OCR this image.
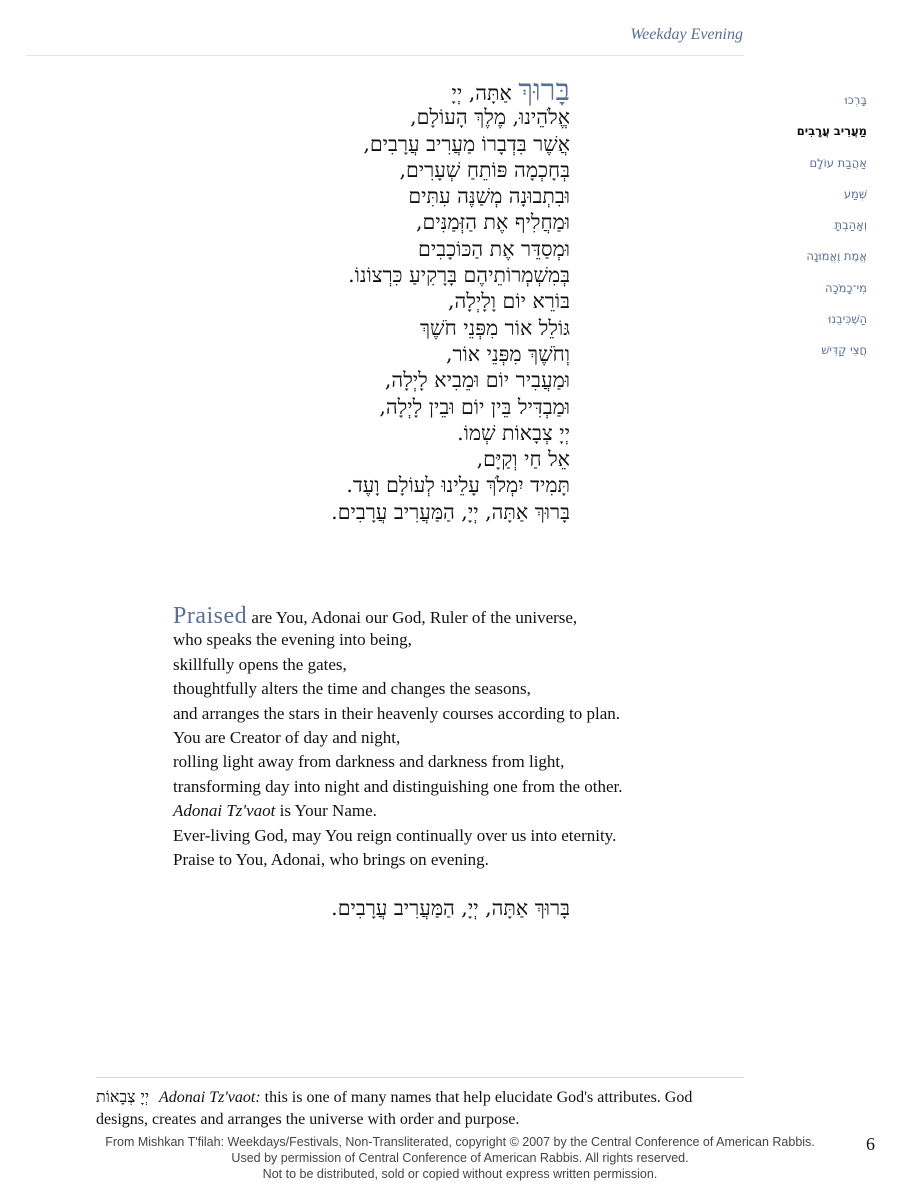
Weekday Evening
בָּרְכוּ
מַעֲרִיב עֲרָבִים
אַהֲבַת עוֹלָם
שְׁמַע
וְאָהַבְתָּ
אֱמֶת וֶאֱמוּנָה
מִי־כָמֹכָה
הַשְׁכִּיבֵנוּ
חֲצִי קַדִּישׁ
בָּרוּךְ אַתָּה, יְיָ
אֱלֹהֵינוּ, מֶלֶךְ הָעוֹלָם,
אֲשֶׁר בִּדְבָרוֹ מַעֲרִיב עֲרָבִים,
בְּחָכְמָה פּוֹתֵחַ שְׁעָרִים,
וּבִתְבוּנָה מְשַׁנֶּה עִתִּים
וּמַחֲלִיף אֶת הַזְּמַנִּים,
וּמְסַדֵּר אֶת הַכּוֹכָבִים
בְּמִשְׁמְרוֹתֵיהֶם בָּרָקִיעַ כִּרְצוֹנוֹ.
בּוֹרֵא יוֹם וָלָיְלָה,
גּוֹלֵל אוֹר מִפְּנֵי חֹשֶׁךְ
וְחֹשֶׁךְ מִפְּנֵי אוֹר,
וּמַעֲבִיר יוֹם וּמֵבִיא לָיְלָה,
וּמַבְדִּיל בֵּין יוֹם וּבֵין לָיְלָה,
יְיָ צְבָאוֹת שְׁמוֹ.
אֵל חַי וְקַיָּם,
תָּמִיד יִמְלֹךְ עָלֵינוּ לְעוֹלָם וָעֶד.
בָּרוּךְ אַתָּה, יְיָ, הַמַּעֲרִיב עֲרָבִים.
Praised are You, Adonai our God, Ruler of the universe,
who speaks the evening into being,
skillfully opens the gates,
thoughtfully alters the time and changes the seasons,
and arranges the stars in their heavenly courses according to plan.
You are Creator of day and night,
rolling light away from darkness and darkness from light,
transforming day into night and distinguishing one from the other.
Adonai Tz'vaot is Your Name.
Ever-living God, may You reign continually over us into eternity.
Praise to You, Adonai, who brings on evening.
בָּרוּךְ אַתָּה, יְיָ, הַמַּעֲרִיב עֲרָבִים.
יְיָ צְבָאוֹת Adonai Tz'vaot: this is one of many names that help elucidate God's attributes. God designs, creates and arranges the universe with order and purpose.
From Mishkan T'filah: Weekdays/Festivals, Non-Transliterated, copyright © 2007 by the Central Conference of American Rabbis.
Used by permission of Central Conference of American Rabbis. All rights reserved.
Not to be distributed, sold or copied without express written permission.
6
